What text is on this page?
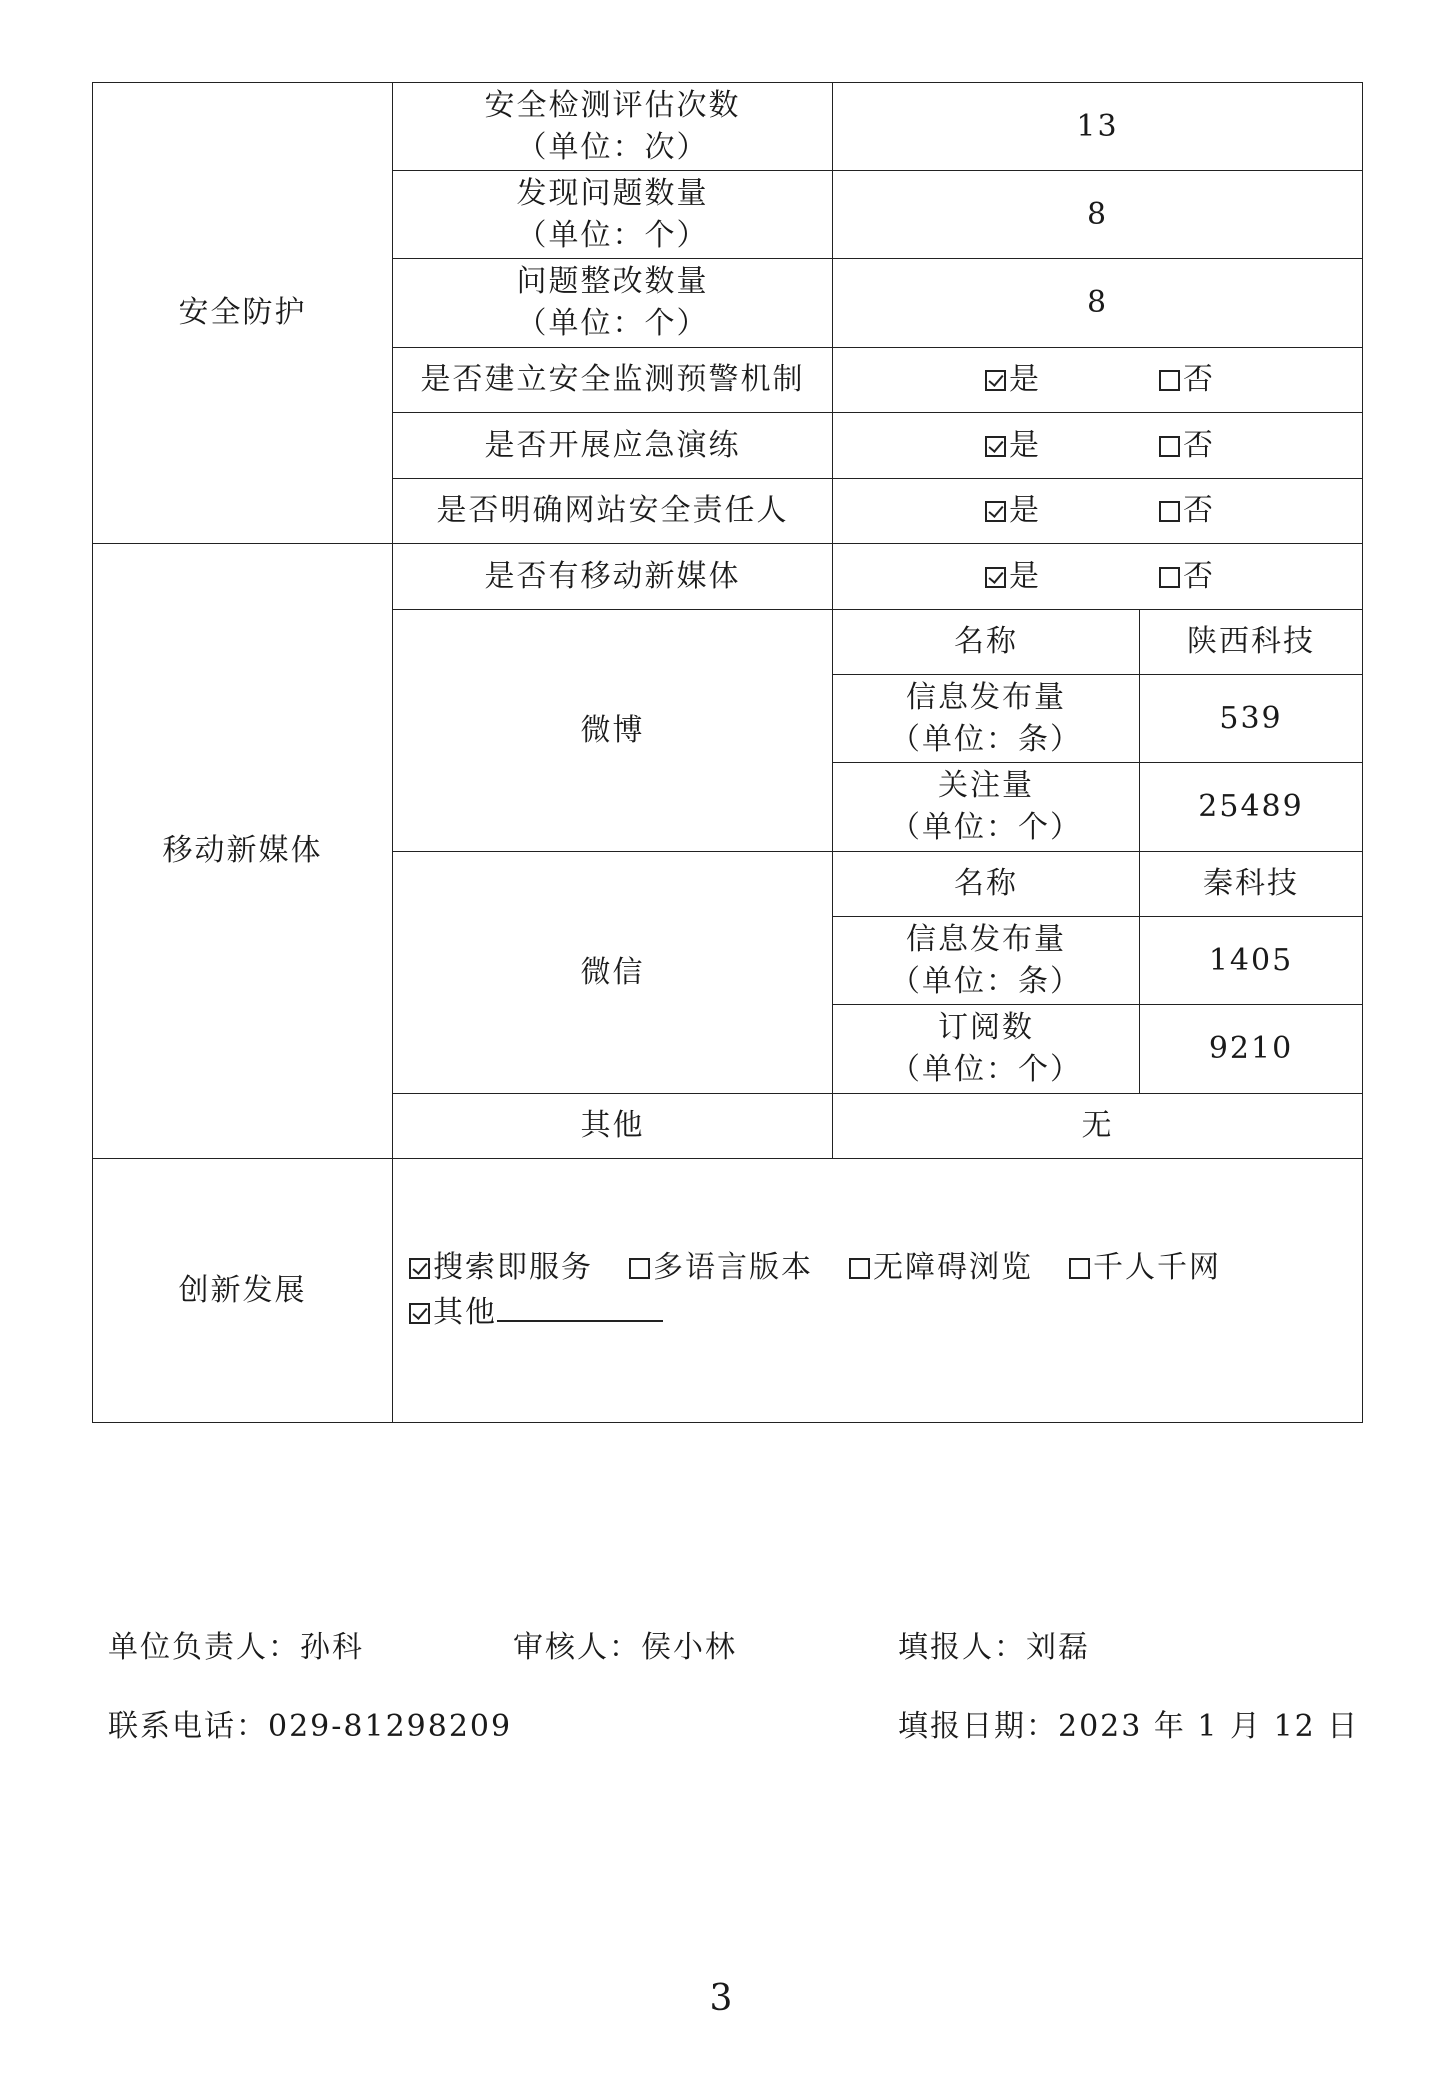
安全防护	安全检测评估次数
（单位：次）	13	

	发现问题数量
（单位：个）	8	

	问题整改数量
（单位：个）	8	
	是否建立安全监测预警机制	是 否	
	是否开展应急演练	是 否	
	是否明确网站安全责任人	是 否	
移动新媒体	是否有移动新媒体	是 否	
	微博	名称	陕西科技

		信息发布量
（单位：条）	539

		关注量
（单位：个）	25489
	微信	名称	秦科技

		信息发布量
（单位：条）	1405

		订阅数
（单位：个）	9210
	其他	无	
创新发展	搜索即服务 多语言版本 无障碍浏览 千人千网
其他		
单位负责人：孙科	审核人：侯小林	填报人：刘磊
联系电话：029-81298209	填报日期：2023 年 1 月 12 日
3
